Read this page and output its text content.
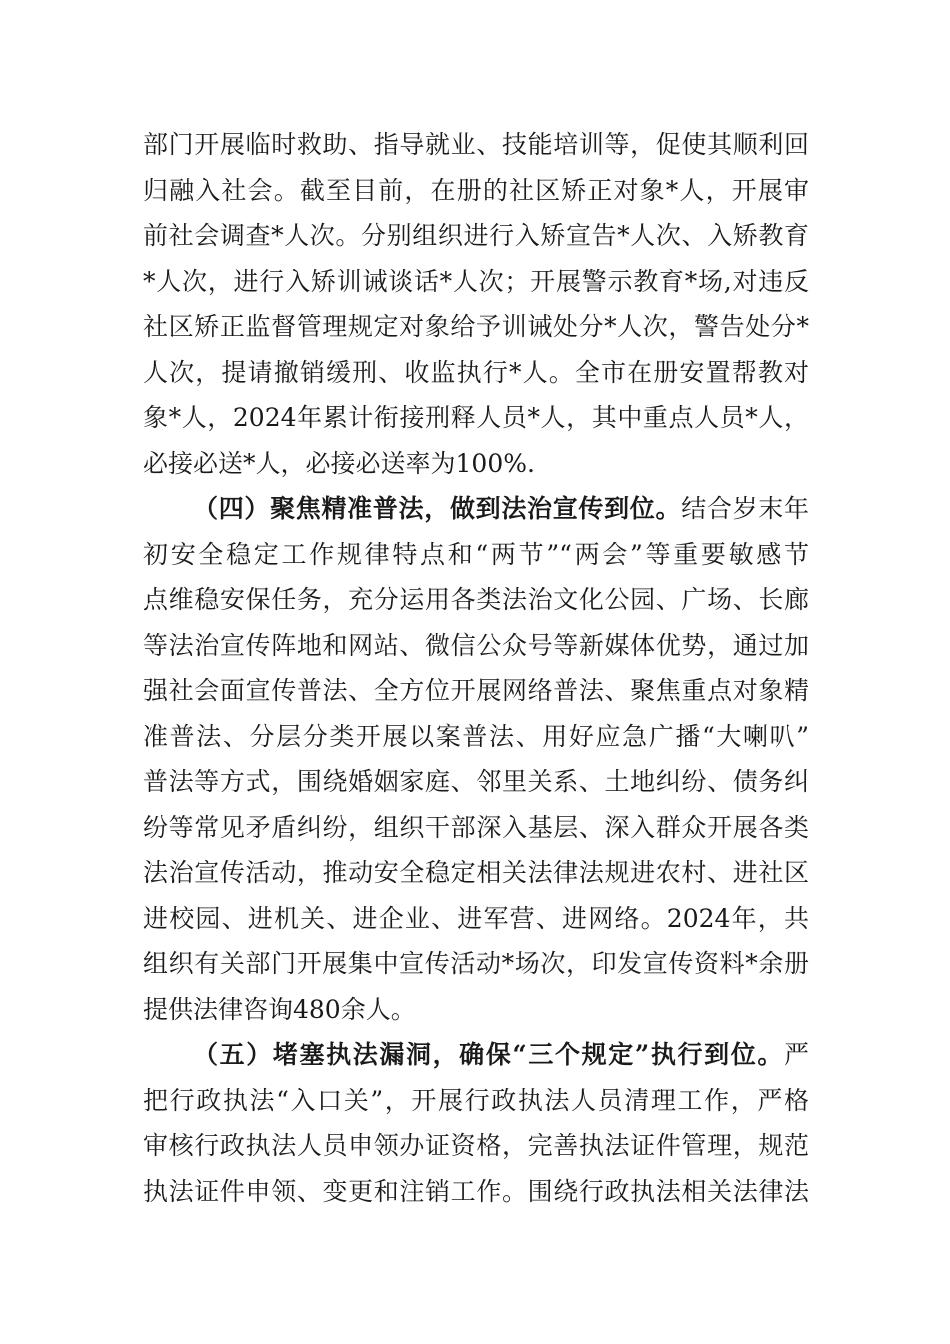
部门开展临时救助、指导就业、技能培训等，促使其顺利回
归融入社会。截至目前，在册的社区矫正对象*人，开展审
前社会调查*人次。分别组织进行入矫宣告*人次、入矫教育
*人次，进行入矫训诫谈话*人次；开展警示教育*场,对违反
社区矫正监督管理规定对象给予训诫处分*人次，警告处分*
人次，提请撤销缓刑、收监执行*人。全市在册安置帮教对
象*人，2024年累计衔接刑释人员*人，其中重点人员*人，
必接必送*人，必接必送率为100%.
（四）聚焦精准普法，做到法治宣传到位。结合岁末年
初安全稳定工作规律特点和“两节”“两会”等重要敏感节
点维稳安保任务，充分运用各类法治文化公园、广场、长廊
等法治宣传阵地和网站、微信公众号等新媒体优势，通过加
强社会面宣传普法、全方位开展网络普法、聚焦重点对象精
准普法、分层分类开展以案普法、用好应急广播“大喇叭”
普法等方式，围绕婚姻家庭、邻里关系、土地纠纷、债务纠
纷等常见矛盾纠纷，组织干部深入基层、深入群众开展各类
法治宣传活动，推动安全稳定相关法律法规进农村、进社区
进校园、进机关、进企业、进军营、进网络。2024年，共
组织有关部门开展集中宣传活动*场次，印发宣传资料*余册
提供法律咨询480余人。
（五）堵塞执法漏洞，确保“三个规定”执行到位。严
把行政执法“入口关”，开展行政执法人员清理工作，严格
审核行政执法人员申领办证资格，完善执法证件管理，规范
执法证件申领、变更和注销工作。围绕行政执法相关法律法
